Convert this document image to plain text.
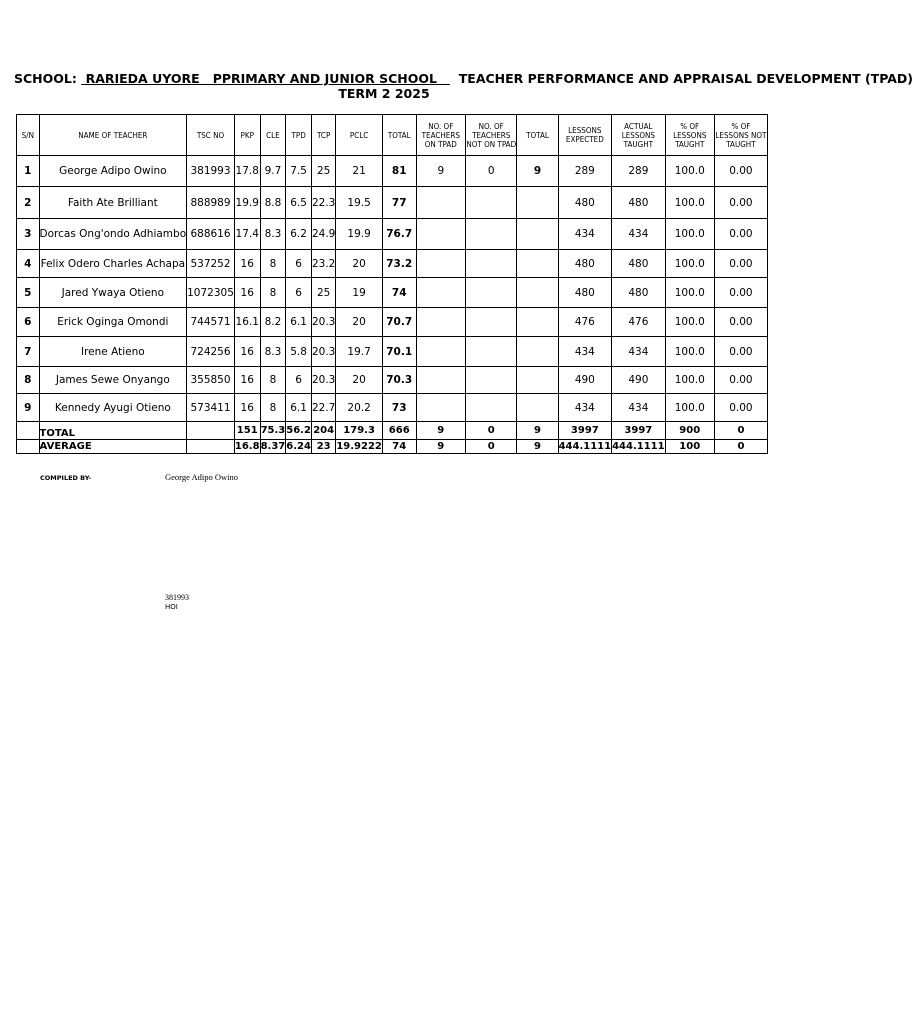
SCHOOL:  RARIEDA UYORE   PPRIMARY AND JUNIOR SCHOOL     TEACHER PERFORMANCE AND APPRAISAL DEVELOPMENT (TPAD)
TERM 2 2025
S/N	NAME OF TEACHER	TSC NO	PKP	CLE	TPD	TCP	PCLC	TOTAL	NO. OF TEACHERS ON TPAD	NO. OF TEACHERS NOT ON TPAD	TOTAL	LESSONS EXPECTED	ACTUAL LESSONS TAUGHT	% OF LESSONS TAUGHT	% OF LESSONS NOT TAUGHT
1	George Adipo Owino	381993	17.8	9.7	7.5	25	21	81	9	0	9	289	289	100.0	0.00
2	Faith Ate Brilliant	888989	19.9	8.8	6.5	22.3	19.5	77				480	480	100.0	0.00
3	Dorcas Ong'ondo Adhiambo	688616	17.4	8.3	6.2	24.9	19.9	76.7				434	434	100.0	0.00
4	Felix Odero Charles Achapa	537252	16	8	6	23.2	20	73.2				480	480	100.0	0.00
5	Jared Ywaya Otieno	1072305	16	8	6	25	19	74				480	480	100.0	0.00
6	Erick Oginga Omondi	744571	16.1	8.2	6.1	20.3	20	70.7				476	476	100.0	0.00
7	Irene Atieno	724256	16	8.3	5.8	20.3	19.7	70.1				434	434	100.0	0.00
8	James Sewe Onyango	355850	16	8	6	20.3	20	70.3				490	490	100.0	0.00
9	Kennedy Ayugi Otieno	573411	16	8	6.1	22.7	20.2	73				434	434	100.0	0.00
	TOTAL		151	75.3	56.2	204	179.3	666	9	0	9	3997	3997	900	0
	AVERAGE		16.8	8.37	6.24	23	19.9222	74	9	0	9	444.1111	444.1111	100	0
COMPILED BY-	George Adipo Owino
381993
HOI
